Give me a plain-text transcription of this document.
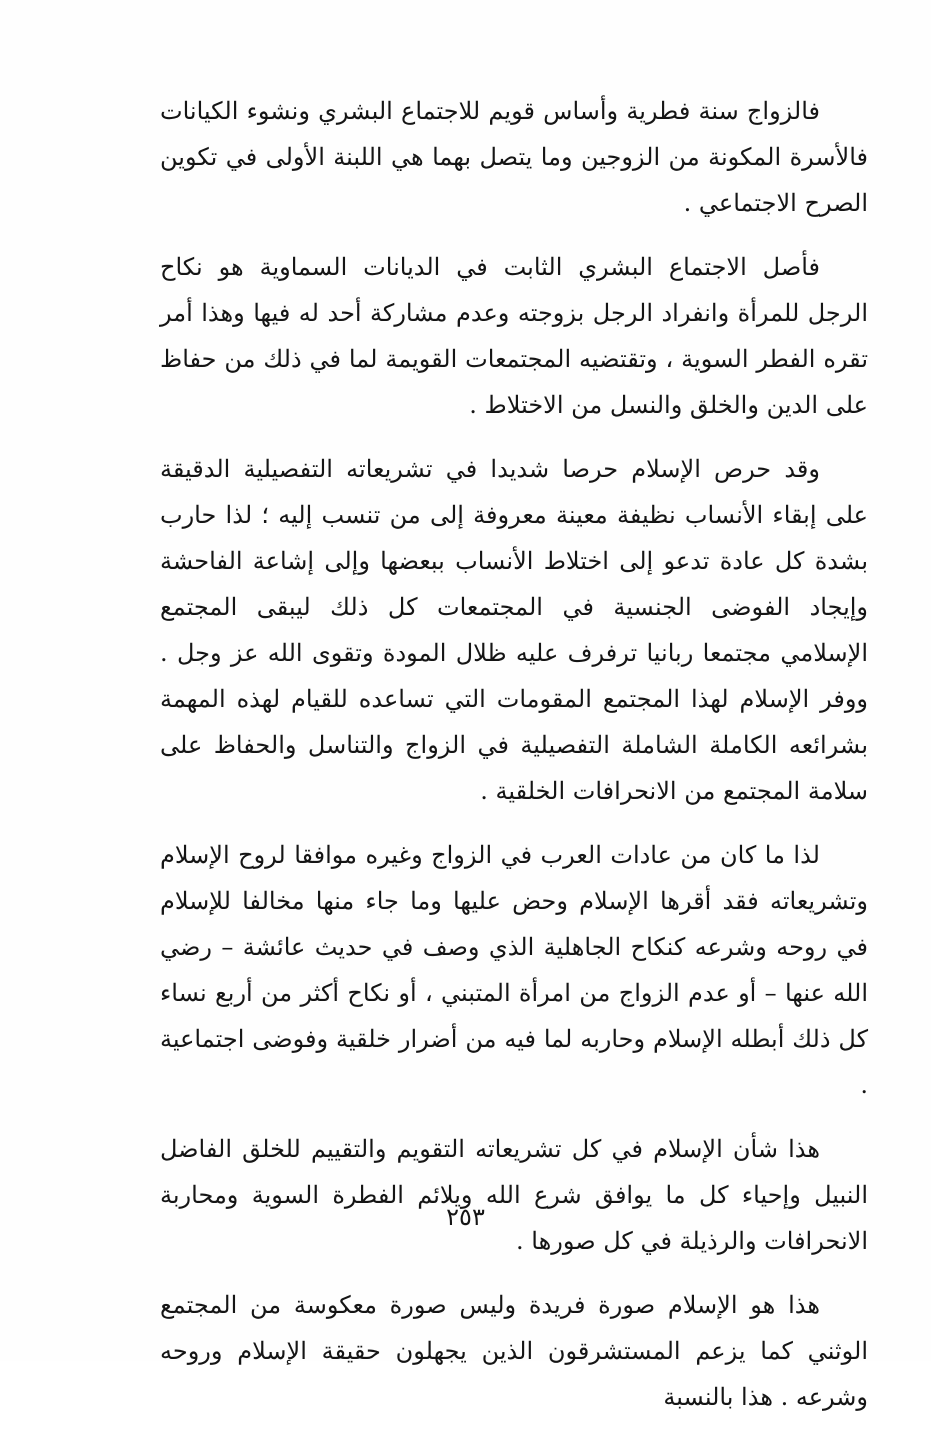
فالزواج سنة فطرية وأساس قويم للاجتماع البشري ونشوء الكيانات فالأسرة المكونة من الزوجين وما يتصل بهما هي اللبنة الأولى في تكوين الصرح الاجتماعي .

فأصل الاجتماع البشري الثابت في الديانات السماوية هو نكاح الرجل للمرأة وانفراد الرجل بزوجته وعدم مشاركة أحد له فيها وهذا أمر تقره الفطر السوية ، وتقتضيه المجتمعات القويمة لما في ذلك من حفاظ على الدين والخلق والنسل من الاختلاط .

وقد حرص الإسلام حرصا شديدا في تشريعاته التفصيلية الدقيقة على إبقاء الأنساب نظيفة معينة معروفة إلى من تنسب إليه ؛ لذا حارب بشدة كل عادة تدعو إلى اختلاط الأنساب ببعضها وإلى إشاعة الفاحشة وإيجاد الفوضى الجنسية في المجتمعات كل ذلك ليبقى المجتمع الإسلامي مجتمعا ربانيا ترفرف عليه ظلال المودة وتقوى الله عز وجل . ووفر الإسلام لهذا المجتمع المقومات التي تساعده للقيام لهذه المهمة بشرائعه الكاملة الشاملة التفصيلية في الزواج والتناسل والحفاظ على سلامة المجتمع من الانحرافات الخلقية .

لذا ما كان من عادات العرب في الزواج وغيره موافقا لروح الإسلام وتشريعاته فقد أقرها الإسلام وحض عليها وما جاء منها مخالفا للإسلام في روحه وشرعه كنكاح الجاهلية الذي وصف في حديث عائشة – رضي الله عنها – أو عدم الزواج من امرأة المتبني ، أو نكاح أكثر من أربع نساء كل ذلك أبطله الإسلام وحاربه لما فيه من أضرار خلقية وفوضى اجتماعية .

هذا شأن الإسلام في كل تشريعاته التقويم والتقييم للخلق الفاضل النبيل وإحياء كل ما يوافق شرع الله ويلائم الفطرة السوية ومحاربة الانحرافات والرذيلة في كل صورها .

هذا هو الإسلام صورة فريدة وليس صورة معكوسة من المجتمع الوثني كما يزعم المستشرقون الذين يجهلون حقيقة الإسلام وروحه وشرعه . هذا بالنسبة

٢٥٣
